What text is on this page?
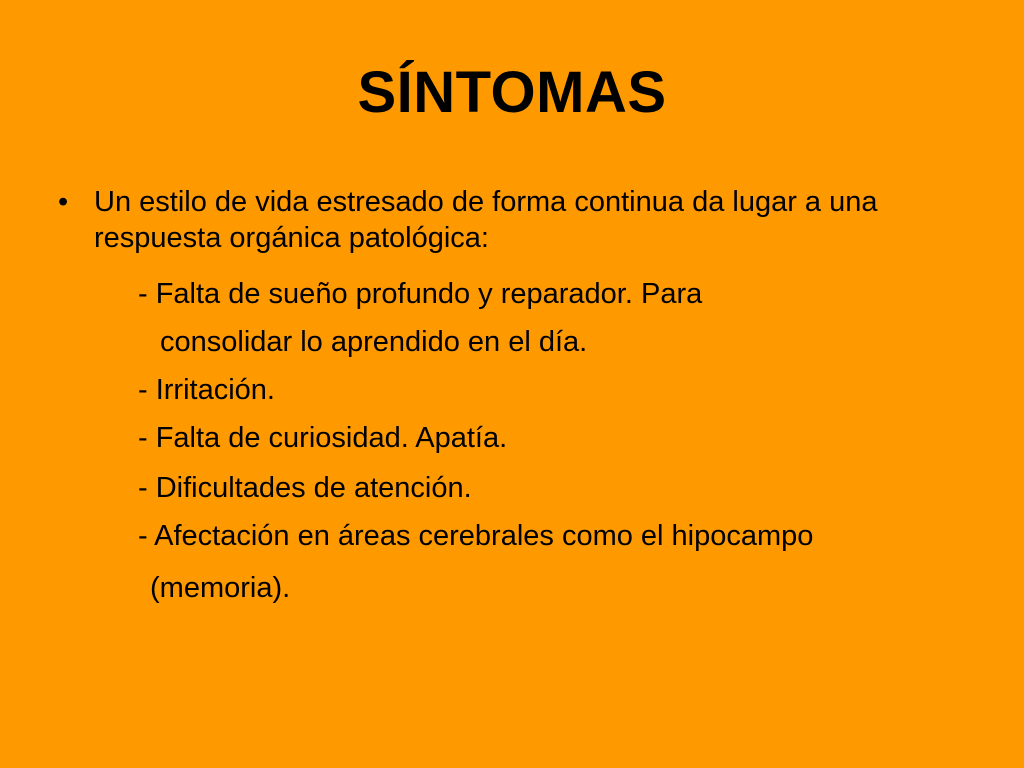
SÍNTOMAS
• Un estilo de vida estresado de forma continua da lugar a una respuesta orgánica patológica:
- Falta de sueño profundo y reparador. Para
consolidar lo aprendido en el día.
- Irritación.
- Falta de curiosidad. Apatía.
- Dificultades de atención.
- Afectación en áreas cerebrales como el hipocampo
(memoria).
